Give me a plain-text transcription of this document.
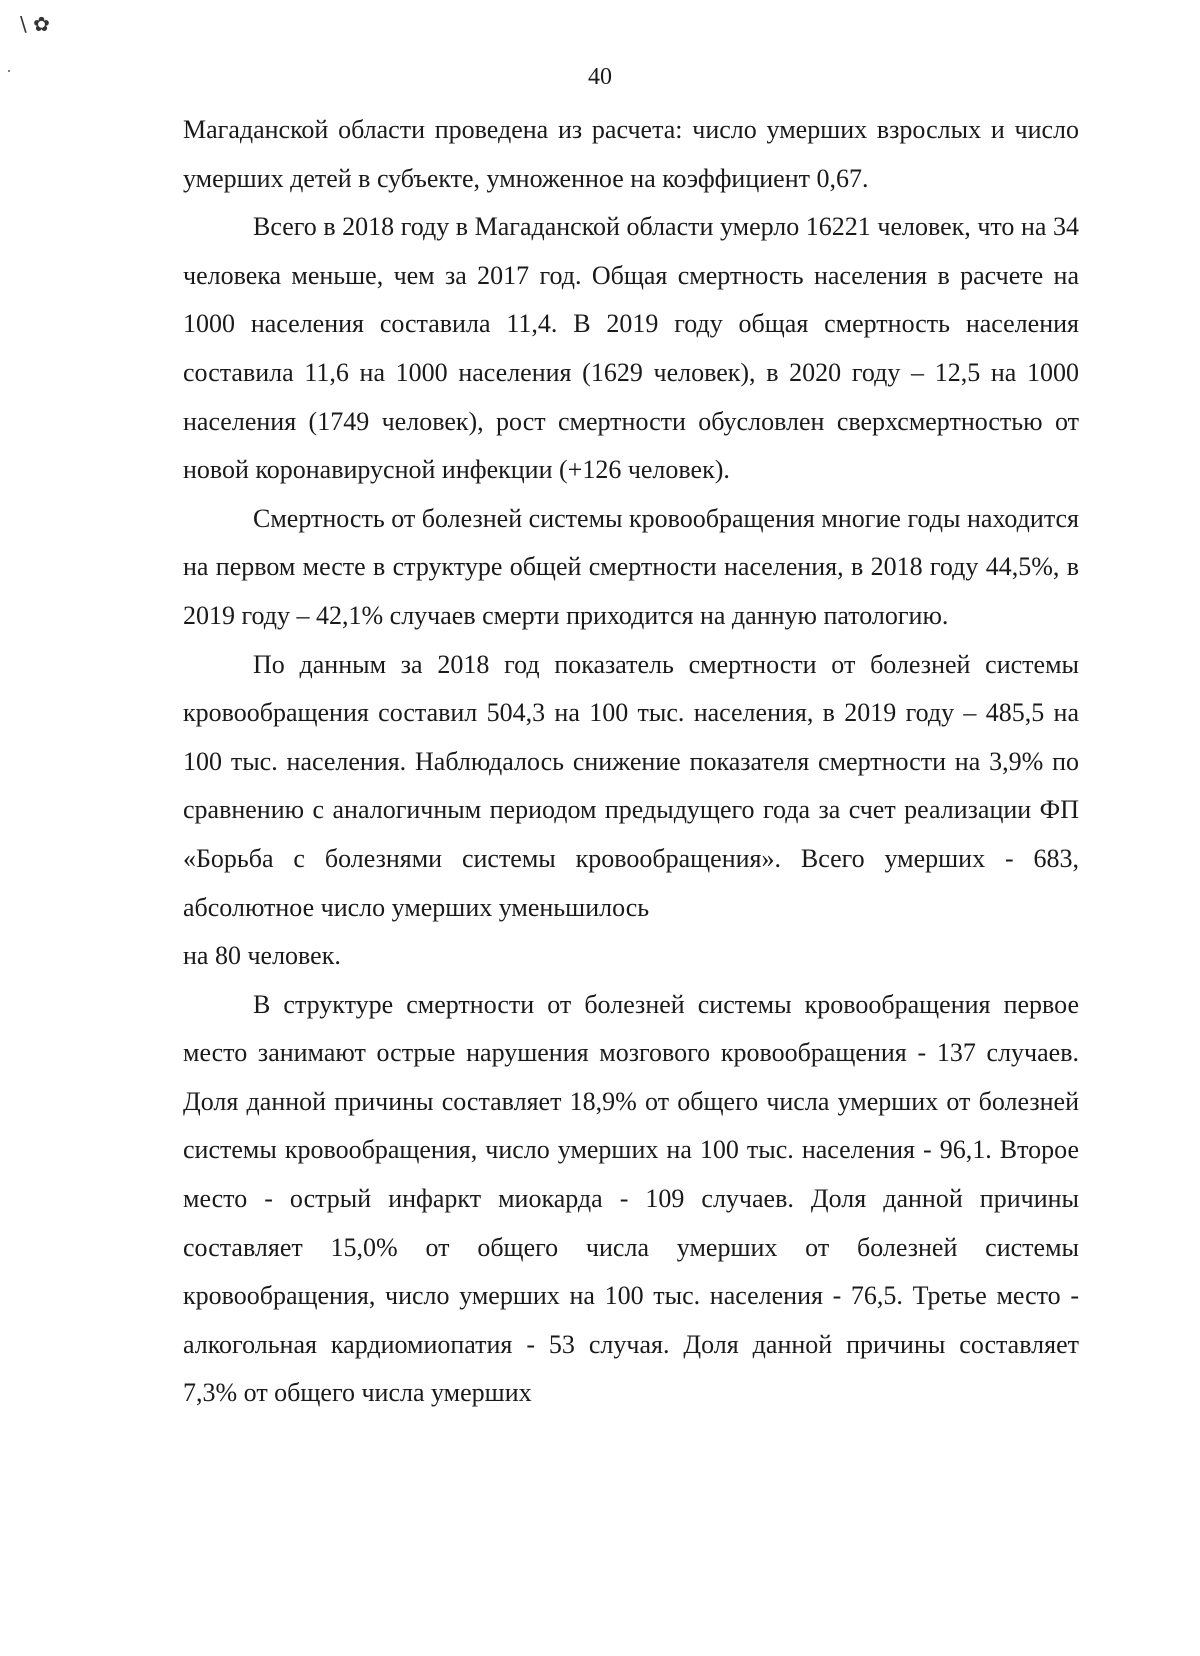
\ ✿
40

Магаданской области проведена из расчета: число умерших взрослых и число умерших детей в субъекте, умноженное на коэффициент 0,67.

Всего в 2018 году в Магаданской области умерло 16221 человек, что на 34 человека меньше, чем за 2017 год. Общая смертность населения в расчете на 1000 населения составила 11,4. В 2019 году общая смертность населения составила 11,6 на 1000 населения (1629 человек), в 2020 году – 12,5 на 1000 населения (1749 человек), рост смертности обусловлен сверхсмертностью от новой коронавирусной инфекции (+126 человек).

Смертность от болезней системы кровообращения многие годы находится на первом месте в структуре общей смертности населения, в 2018 году 44,5%, в 2019 году – 42,1% случаев смерти приходится на данную патологию.

По данным за 2018 год показатель смертности от болезней системы кровообращения составил 504,3 на 100 тыс. населения, в 2019 году – 485,5 на 100 тыс. населения. Наблюдалось снижение показателя смертности на 3,9% по сравнению с аналогичным периодом предыдущего года за счет реализации ФП «Борьба с болезнями системы кровообращения». Всего умерших - 683, абсолютное число умерших уменьшилось

на 80 человек.

В структуре смертности от болезней системы кровообращения первое место занимают острые нарушения мозгового кровообращения - 137 случаев. Доля данной причины составляет 18,9% от общего числа умерших от болезней системы кровообращения, число умерших на 100 тыс. населения - 96,1. Второе место - острый инфаркт миокарда - 109 случаев. Доля данной причины составляет 15,0% от общего числа умерших от болезней системы кровообращения, число умерших на 100 тыс. населения - 76,5. Третье место - алкогольная кардиомиопатия - 53 случая. Доля данной причины составляет 7,3% от общего числа умерших
